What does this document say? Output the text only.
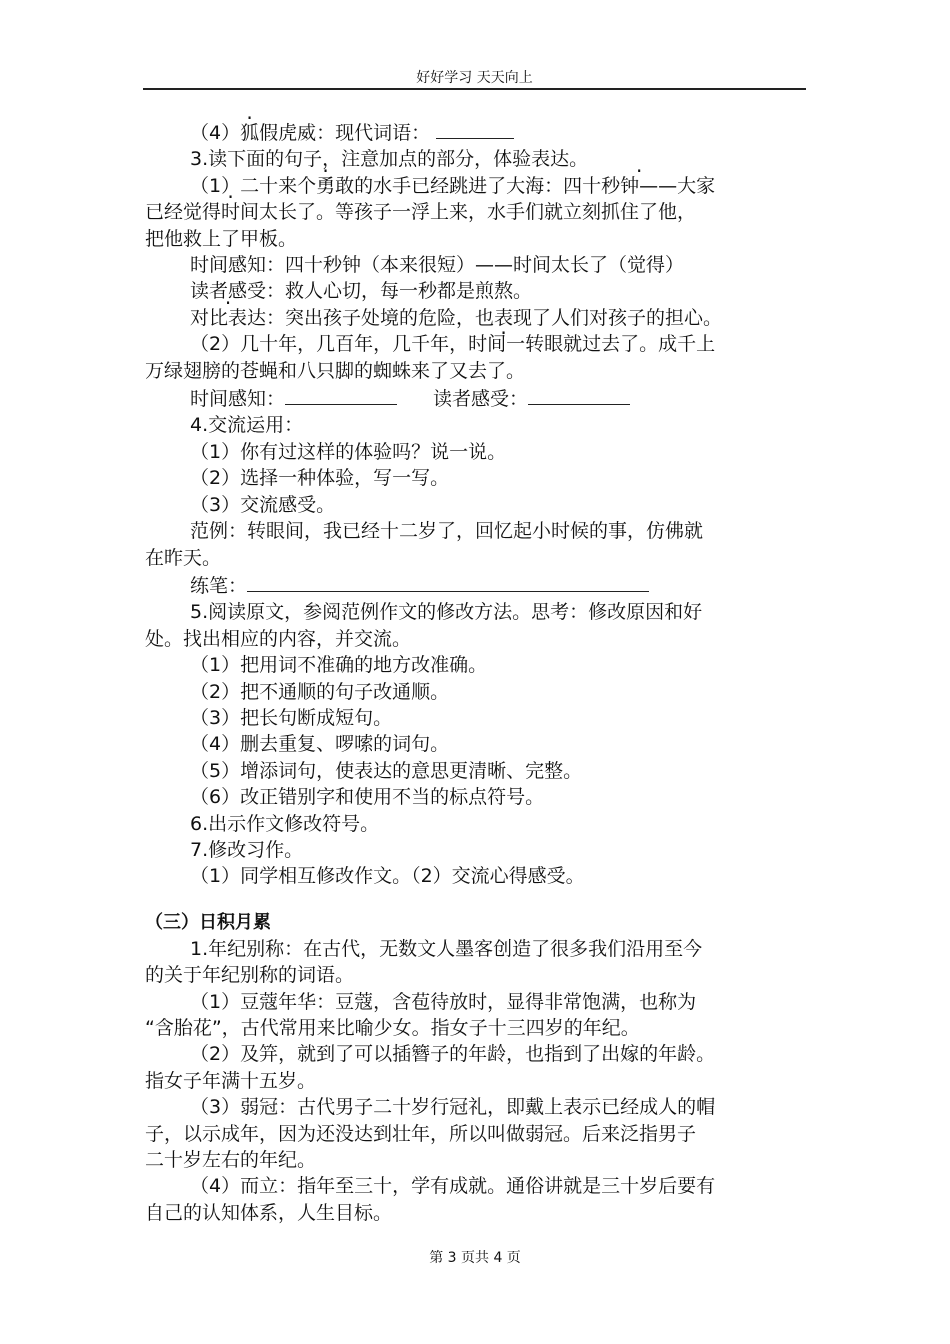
好好学习 天天向上

（4）狐假虎威：现代词语：

3.读下面的句子，注意加点的部分，体验表达。

（1）· 二十来个勇敢的水手已经跳进了大海：· 四十秒钟——大家

· 已经觉得时间太长了。等孩子一浮上来，水手们就立刻抓住了他，

把他救上了甲板。

时间感知：四十秒钟（本来很短）——时间太长了（觉得）

读者感受：救人心切，每一秒都是煎熬。

对比表达：突出孩子处境的危险，也表现了人们对孩子的担心。 ·

（2）几十年，几百年，几千年，时间一转眼就过去了。成千上

万绿翅膀的苍蝇和八只脚的蜘蛛来了又去了。

时间感知：	读者感受：

4.交流运用：

（1）你有过这样的体验吗？说一说。

（2）选择一种体验，写一写。

（3）交流感受。

范例：转眼间，我已经十二岁了，回忆起小时候的事，仿佛就

在昨天。

练笔：

5.阅读原文，参阅范例作文的修改方法。思考：修改原因和好

处。找出相应的内容，并交流。

（1）把用词不准确的地方改准确。

（2）把不通顺的句子改通顺。

（3）把长句断成短句。

（4）删去重复、啰嗦的词句。

（5）增添词句，使表达的意思更清晰、完整。

（6）改正错别字和使用不当的标点符号。

6.出示作文修改符号。

7.修改习作。

（1）同学相互修改作文。（2）交流心得感受。

（三）日积月累

1.年纪别称：在古代，无数文人墨客创造了很多我们沿用至今

的关于年纪别称的词语。

（1）豆蔻年华：豆蔻，含苞待放时，显得非常饱满，也称为

“含胎花”，古代常用来比喻少女。指女子十三四岁的年纪。

（2）及笄，就到了可以插簪子的年龄，也指到了出嫁的年龄。

指女子年满十五岁。

（3）弱冠：古代男子二十岁行冠礼，即戴上表示已经成人的帽

子，以示成年，因为还没达到壮年，所以叫做弱冠。后来泛指男子

二十岁左右的年纪。

（4）而立：指年至三十，学有成就。通俗讲就是三十岁后要有

自己的认知体系，人生目标。

第 3 页共 4 页
